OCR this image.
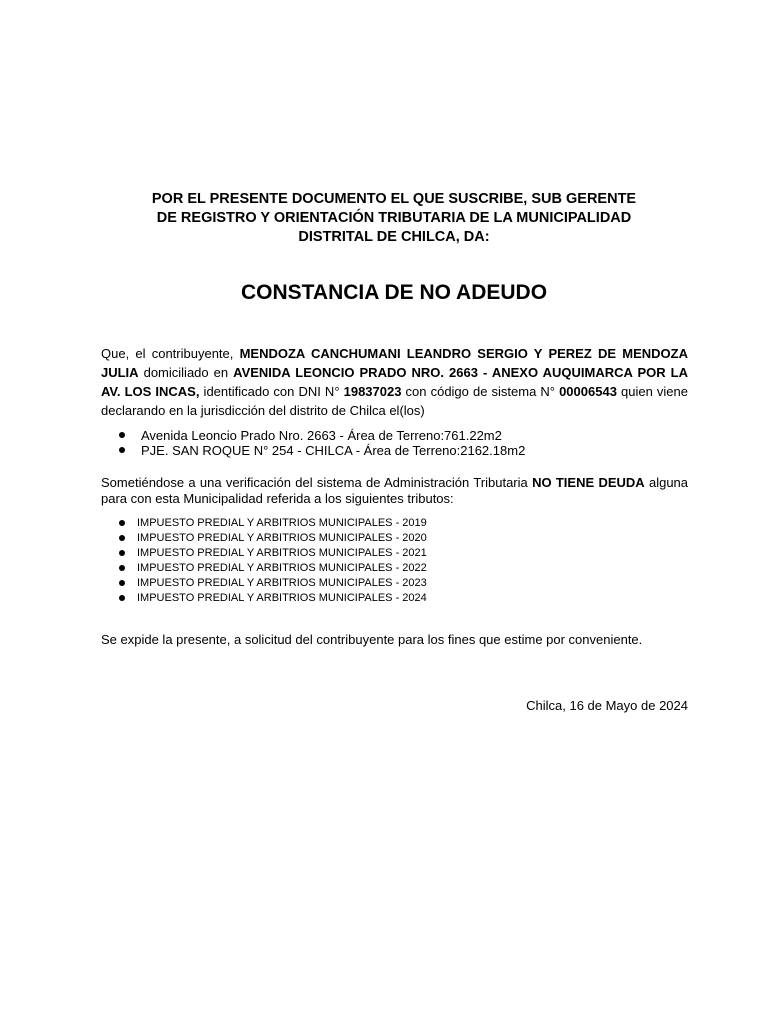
POR EL PRESENTE DOCUMENTO EL QUE SUSCRIBE, SUB GERENTE
DE REGISTRO Y ORIENTACIÓN TRIBUTARIA DE LA MUNICIPALIDAD
DISTRITAL DE CHILCA, DA:
CONSTANCIA DE NO ADEUDO

Que, el contribuyente, MENDOZA CANCHUMANI LEANDRO SERGIO Y PEREZ DE MENDOZA JULIA domiciliado en AVENIDA LEONCIO PRADO NRO. 2663 - ANEXO AUQUIMARCA POR LA AV. LOS INCAS, identificado con DNI N° 19837023 con código de sistema N° 00006543 quien viene declarando en la jurisdicción del distrito de Chilca el(los)

Avenida Leoncio Prado Nro. 2663 - Área de Terreno:761.22m2
PJE. SAN ROQUE N° 254 - CHILCA - Área de Terreno:2162.18m2

Sometiéndose a una verificación del sistema de Administración Tributaria NO TIENE DEUDA alguna para con esta Municipalidad referida a los siguientes tributos:

IMPUESTO PREDIAL Y ARBITRIOS MUNICIPALES - 2019
IMPUESTO PREDIAL Y ARBITRIOS MUNICIPALES - 2020
IMPUESTO PREDIAL Y ARBITRIOS MUNICIPALES - 2021
IMPUESTO PREDIAL Y ARBITRIOS MUNICIPALES - 2022
IMPUESTO PREDIAL Y ARBITRIOS MUNICIPALES - 2023
IMPUESTO PREDIAL Y ARBITRIOS MUNICIPALES - 2024

Se expide la presente, a solicitud del contribuyente para los fines que estime por conveniente.

Chilca, 16 de Mayo de 2024
